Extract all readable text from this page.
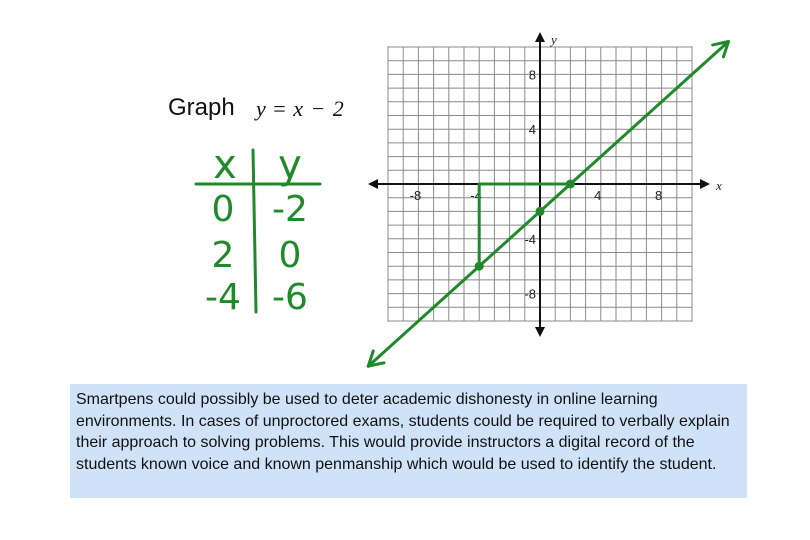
-8	-4	4	8
8
4
-4
-8
x
y
x y
0 -2
2 0
-4 -6
Graph y = x − 2
Smartpens could possibly be used to deter academic dishonesty in online learning environments. In cases of unproctored exams, students could be required to verbally explain their approach to solving problems. This would provide instructors a digital record of the students known voice and known penmanship which would be used to identify the student.
